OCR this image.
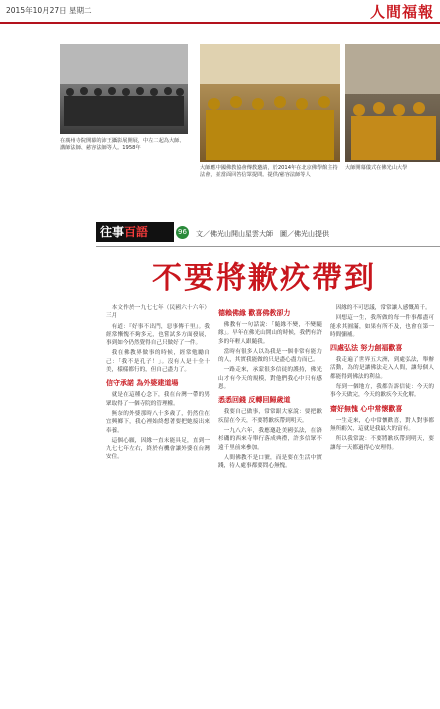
2015年10月27日 星期二	人間福報
在廣州寺院開幕的沛王攝影展開展，中左二起為大師、講師法師、慈容法師等人。1958年
大師應中國佛教協會傳教邀請，於2014年在北京佛學館主持法會，並當面回答信眾提問。提供/慈容法師等人
大師開幕儀式在佛光山大學
往事百語	96 文／佛光山開山星雲大師　圖／佛光山提供
不要將歉疚帶到

本文作於一九七七年（民國六十六年）三月

有道：『好事不出門，惡事傳千里』。我經常慚愧不夠多元，也嘗試多方面發展，事到如今仍然覺得自己只做好了一件。

我在佛教界做事的時候，經常勉勵自己：「我不是孔子！」。沒有人是十全十美，樣樣都行的，但自己盡力了。

信守承諾 為外婆建道場

就是在這種心念下，我在台灣一帶的男眾取得了一個寺院的管理權。

無奈的外婆那時八十多歲了，仍然住在宜興鄉下，我心裡始終想著要把她接出來奉養。

這個心願，因緣一直未能具足，直到一九七七年左右，終於有機會讓外婆在台灣安住。

德賴佛緣 歡喜佛教卻力

佛教有一句話說：「隨緣不變，不變隨緣」。早年在佛光山開山的時候，我們有許多的年輕人跟隨我。

當時有很多人以為我是一個非常有能力的人，其實我能做的只是盡心盡力而已。

一路走來，承蒙很多信徒的護持，佛光山才有今天的規模，對他們我心中只有感恩。

悉悉回錢 反轉回歸歲道

我要自己做事，常常跟大家說：要把歉疚留在今天，不要將歉疚帶到明天。

一九八六年，我應邀赴美國弘法，在洛杉磯的西來寺舉行落成典禮，許多信眾不遠千里前來參加。

人間佛教不是口號，而是要在生活中實踐，待人處事都要問心無愧。

因緣的不可思議，常常讓人感慨萬千。

回想這一生，我所做的每一件事都盡可能求其圓滿，如果有所不及，也會在第一時間彌補。

四處弘法 努力創福歡喜

我走遍了世界五大洲，到處弘法，舉辦活動，為的是讓佛法走入人間，讓每個人都能得到佛法的利益。

每到一個地方，我都告訴信徒：今天的事今天做完，今天的歉疚今天化解。

齋好無愧 心中常懷歡喜

一生走來，心中常懷歡喜，對人對事都無所虧欠，這就是我最大的富有。

所以我常說：不要將歉疚帶到明天，要讓每一天都過得心安理得。
